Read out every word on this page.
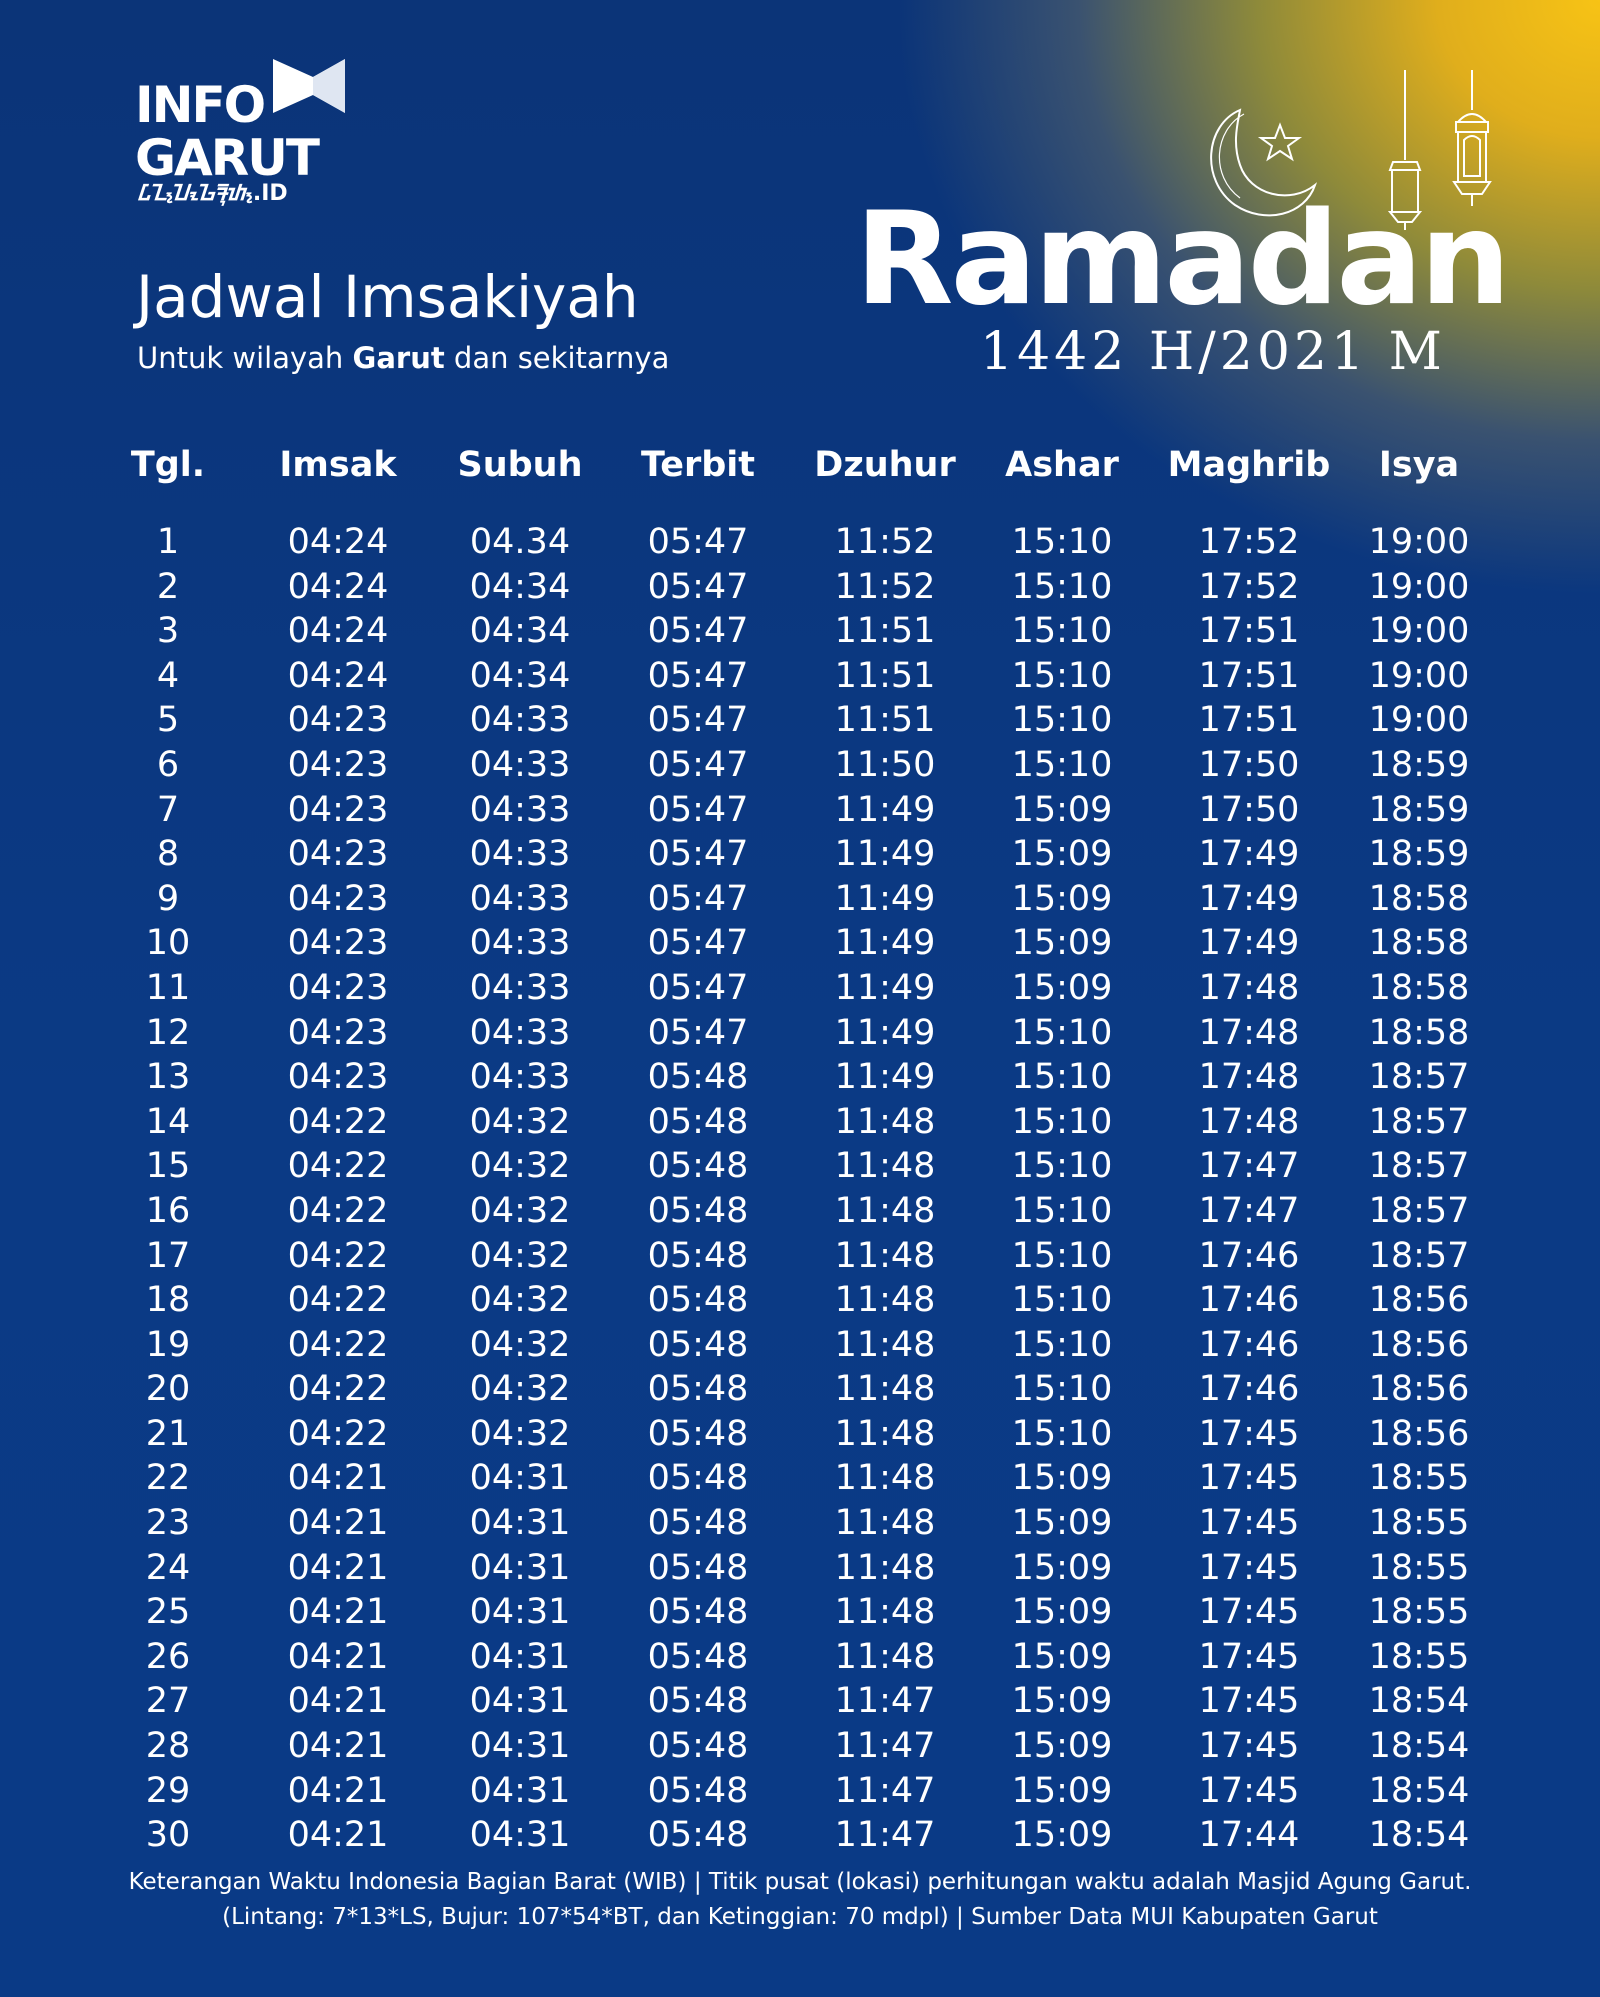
INFO
GARUT
ᮄᮔ᮪ᮖᮧᮌᮛᮥᮒ᮪.ID
Jadwal Imsakiyah
Untuk wilayah Garut dan sekitarnya
Ramadan
1442 H/2021 M
Tgl.	Imsak	Subuh	Terbit	Dzuhur	Ashar	Maghrib	Isya
1	04:24	04.34	05:47	11:52	15:10	17:52	19:00
2	04:24	04:34	05:47	11:52	15:10	17:52	19:00
3	04:24	04:34	05:47	11:51	15:10	17:51	19:00
4	04:24	04:34	05:47	11:51	15:10	17:51	19:00
5	04:23	04:33	05:47	11:51	15:10	17:51	19:00
6	04:23	04:33	05:47	11:50	15:10	17:50	18:59
7	04:23	04:33	05:47	11:49	15:09	17:50	18:59
8	04:23	04:33	05:47	11:49	15:09	17:49	18:59
9	04:23	04:33	05:47	11:49	15:09	17:49	18:58
10	04:23	04:33	05:47	11:49	15:09	17:49	18:58
11	04:23	04:33	05:47	11:49	15:09	17:48	18:58
12	04:23	04:33	05:47	11:49	15:10	17:48	18:58
13	04:23	04:33	05:48	11:49	15:10	17:48	18:57
14	04:22	04:32	05:48	11:48	15:10	17:48	18:57
15	04:22	04:32	05:48	11:48	15:10	17:47	18:57
16	04:22	04:32	05:48	11:48	15:10	17:47	18:57
17	04:22	04:32	05:48	11:48	15:10	17:46	18:57
18	04:22	04:32	05:48	11:48	15:10	17:46	18:56
19	04:22	04:32	05:48	11:48	15:10	17:46	18:56
20	04:22	04:32	05:48	11:48	15:10	17:46	18:56
21	04:22	04:32	05:48	11:48	15:10	17:45	18:56
22	04:21	04:31	05:48	11:48	15:09	17:45	18:55
23	04:21	04:31	05:48	11:48	15:09	17:45	18:55
24	04:21	04:31	05:48	11:48	15:09	17:45	18:55
25	04:21	04:31	05:48	11:48	15:09	17:45	18:55
26	04:21	04:31	05:48	11:48	15:09	17:45	18:55
27	04:21	04:31	05:48	11:47	15:09	17:45	18:54
28	04:21	04:31	05:48	11:47	15:09	17:45	18:54
29	04:21	04:31	05:48	11:47	15:09	17:45	18:54
30	04:21	04:31	05:48	11:47	15:09	17:44	18:54
Keterangan Waktu Indonesia Bagian Barat (WIB) | Titik pusat (lokasi) perhitungan waktu adalah Masjid Agung Garut.
(Lintang: 7*13*LS, Bujur: 107*54*BT, dan Ketinggian: 70 mdpl) | Sumber Data MUI Kabupaten Garut
